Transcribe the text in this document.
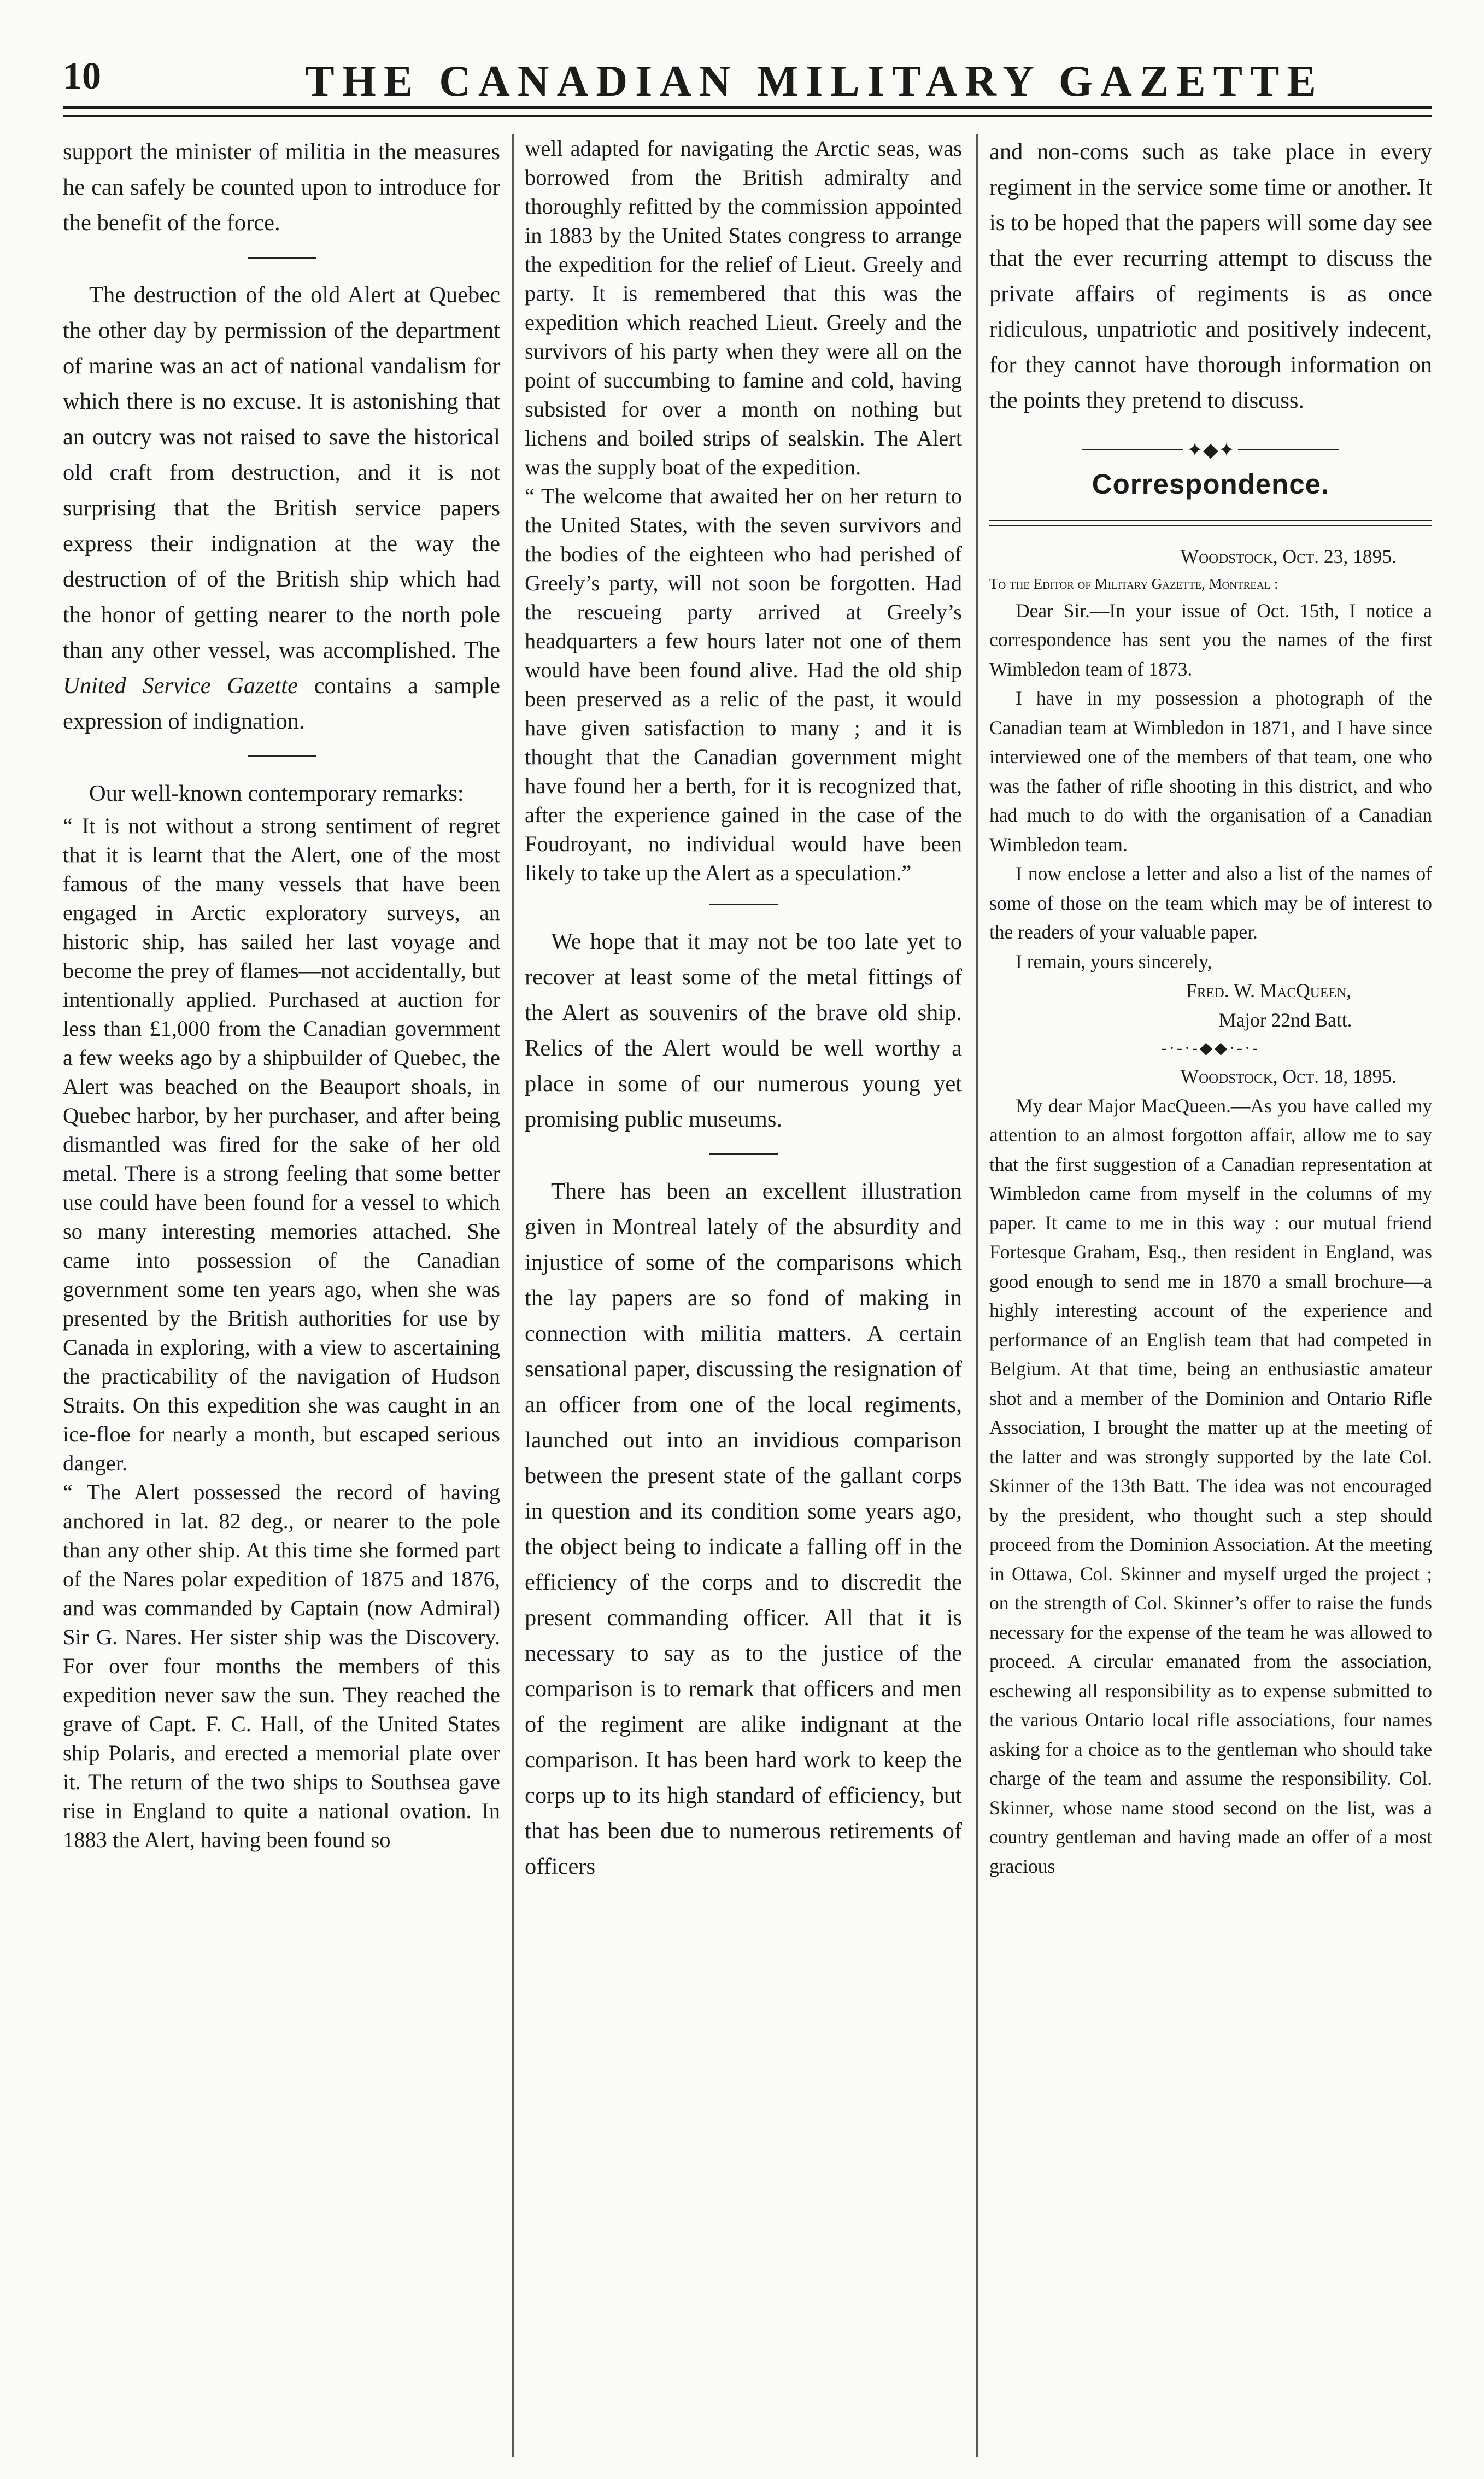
10	THE CANADIAN MILITARY GAZETTE

support the minister of militia in the measures he can safely be counted upon to introduce for the benefit of the force.

The destruction of the old Alert at Quebec the other day by permission of the department of marine was an act of national vandalism for which there is no excuse. It is astonishing that an outcry was not raised to save the historical old craft from destruction, and it is not surprising that the British service papers express their indignation at the way the destruction of of the British ship which had the honor of getting nearer to the north pole than any other vessel, was accomplished. The United Service Gazette contains a sample expression of indignation.

Our well-known contemporary remarks:

“ It is not without a strong sentiment of regret that it is learnt that the Alert, one of the most famous of the many vessels that have been engaged in Arctic exploratory surveys, an historic ship, has sailed her last voyage and become the prey of flames—not accidentally, but intentionally applied. Purchased at auction for less than £1,000 from the Canadian government a few weeks ago by a shipbuilder of Quebec, the Alert was beached on the Beauport shoals, in Quebec harbor, by her purchaser, and after being dismantled was fired for the sake of her old metal. There is a strong feeling that some better use could have been found for a vessel to which so many interesting memories attached. She came into possession of the Canadian government some ten years ago, when she was presented by the British authorities for use by Canada in exploring, with a view to ascertaining the practicability of the navigation of Hudson Straits. On this expedition she was caught in an ice-floe for nearly a month, but escaped serious danger.

“ The Alert possessed the record of having anchored in lat. 82 deg., or nearer to the pole than any other ship. At this time she formed part of the Nares polar expedition of 1875 and 1876, and was commanded by Captain (now Admiral) Sir G. Nares. Her sister ship was the Discovery. For over four months the members of this expedition never saw the sun. They reached the grave of Capt. F. C. Hall, of the United States ship Polaris, and erected a memorial plate over it. The return of the two ships to Southsea gave rise in England to quite a national ovation. In 1883 the Alert, having been found so

well adapted for navigating the Arctic seas, was borrowed from the British admiralty and thoroughly refitted by the commission appointed in 1883 by the United States congress to arrange the expedition for the relief of Lieut. Greely and party. It is remembered that this was the expedition which reached Lieut. Greely and the survivors of his party when they were all on the point of succumbing to famine and cold, having subsisted for over a month on nothing but lichens and boiled strips of sealskin. The Alert was the supply boat of the expedition.

“ The welcome that awaited her on her return to the United States, with the seven survivors and the bodies of the eighteen who had perished of Greely’s party, will not soon be forgotten. Had the rescueing party arrived at Greely’s headquarters a few hours later not one of them would have been found alive. Had the old ship been preserved as a relic of the past, it would have given satisfaction to many ; and it is thought that the Canadian government might have found her a berth, for it is recognized that, after the experience gained in the case of the Foudroyant, no individual would have been likely to take up the Alert as a speculation.”

We hope that it may not be too late yet to recover at least some of the metal fittings of the Alert as souvenirs of the brave old ship. Relics of the Alert would be well worthy a place in some of our numerous young yet promising public museums.

There has been an excellent illustration given in Montreal lately of the absurdity and injustice of some of the comparisons which the lay papers are so fond of making in connection with militia matters. A certain sensational paper, discussing the resignation of an officer from one of the local regiments, launched out into an invidious comparison between the present state of the gallant corps in question and its condition some years ago, the object being to indicate a falling off in the efficiency of the corps and to discredit the present commanding officer. All that it is necessary to say as to the justice of the comparison is to remark that officers and men of the regiment are alike indignant at the comparison. It has been hard work to keep the corps up to its high standard of efficiency, but that has been due to numerous retirements of officers

and non-coms such as take place in every regiment in the service some time or another. It is to be hoped that the papers will some day see that the ever recurring attempt to discuss the private affairs of regiments is as once ridiculous, unpatriotic and positively indecent, for they cannot have thorough information on the points they pretend to discuss.

✦◆✦
Correspondence.

Woodstock, Oct. 23, 1895.

To the Editor of Military Gazette, Montreal :

Dear Sir.—In your issue of Oct. 15th, I notice a correspondence has sent you the names of the first Wimbledon team of 1873.

I have in my possession a photograph of the Canadian team at Wimbledon in 1871, and I have since interviewed one of the members of that team, one who was the father of rifle shooting in this district, and who had much to do with the organisation of a Canadian Wimbledon team.

I now enclose a letter and also a list of the names of some of those on the team which may be of interest to the readers of your valuable paper.

I remain, yours sincerely,

Fred. W. MacQueen,

Major 22nd Batt.

-·-·-◆◆·-·-

Woodstock, Oct. 18, 1895.

My dear Major MacQueen.—As you have called my attention to an almost forgotton affair, allow me to say that the first suggestion of a Canadian representation at Wimbledon came from myself in the columns of my paper. It came to me in this way : our mutual friend Fortesque Graham, Esq., then resident in England, was good enough to send me in 1870 a small brochure—a highly interesting account of the experience and performance of an English team that had competed in Belgium. At that time, being an enthusiastic amateur shot and a member of the Dominion and Ontario Rifle Association, I brought the matter up at the meeting of the latter and was strongly supported by the late Col. Skinner of the 13th Batt. The idea was not encouraged by the president, who thought such a step should proceed from the Dominion Association. At the meeting in Ottawa, Col. Skinner and myself urged the project ; on the strength of Col. Skinner’s offer to raise the funds necessary for the expense of the team he was allowed to proceed. A circular emanated from the association, eschewing all responsibility as to expense submitted to the various Ontario local rifle associations, four names asking for a choice as to the gentleman who should take charge of the team and assume the responsibility. Col. Skinner, whose name stood second on the list, was a country gentleman and having made an offer of a most gracious
